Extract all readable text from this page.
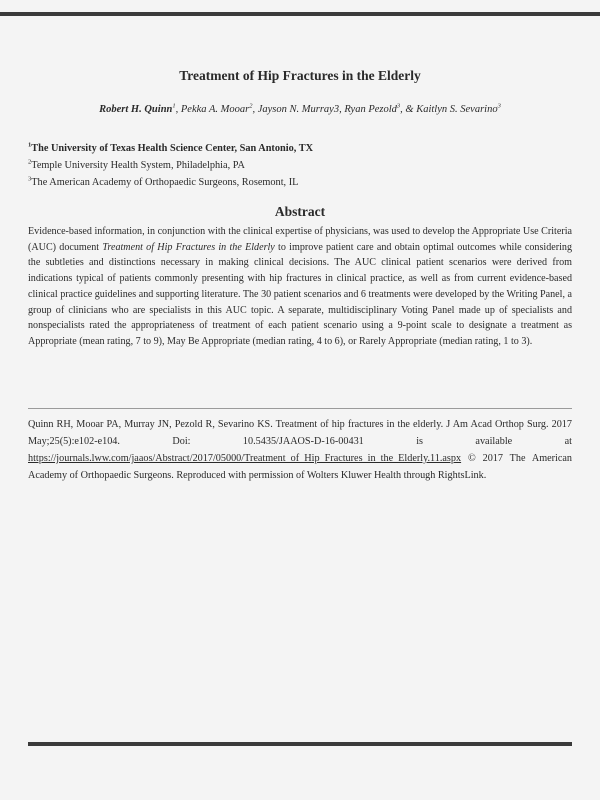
Treatment of Hip Fractures in the Elderly
Robert H. Quinn$^1$, Pekka A. Mooar$^2$, Jayson N. Murray3, Ryan Pezold$^3$, & Kaitlyn S. Sevarino$^3$
$^1$The University of Texas Health Science Center, San Antonio, TX
$^2$Temple University Health System, Philadelphia, PA
$^3$The American Academy of Orthopaedic Surgeons, Rosemont, IL
Abstract
Evidence-based information, in conjunction with the clinical expertise of physicians, was used to develop the Appropriate Use Criteria (AUC) document Treatment of Hip Fractures in the Elderly to improve patient care and obtain optimal outcomes while considering the subtleties and distinctions necessary in making clinical decisions. The AUC clinical patient scenarios were derived from indications typical of patients commonly presenting with hip fractures in clinical practice, as well as from current evidence-based clinical practice guidelines and supporting literature. The 30 patient scenarios and 6 treatments were developed by the Writing Panel, a group of clinicians who are specialists in this AUC topic. A separate, multidisciplinary Voting Panel made up of specialists and nonspecialists rated the appropriateness of treatment of each patient scenario using a 9-point scale to designate a treatment as Appropriate (mean rating, 7 to 9), May Be Appropriate (median rating, 4 to 6), or Rarely Appropriate (median rating, 1 to 3).
Quinn RH, Mooar PA, Murray JN, Pezold R, Sevarino KS. Treatment of hip fractures in the elderly. J Am Acad Orthop Surg. 2017 May;25(5):e102-e104. Doi: 10.5435/JAAOS-D-16-00431 is available at https://journals.lww.com/jaaos/Abstract/2017/05000/Treatment_of_Hip_Fractures_in_the_Elderly.11.aspx © 2017 The American Academy of Orthopaedic Surgeons. Reproduced with permission of Wolters Kluwer Health through RightsLink.
